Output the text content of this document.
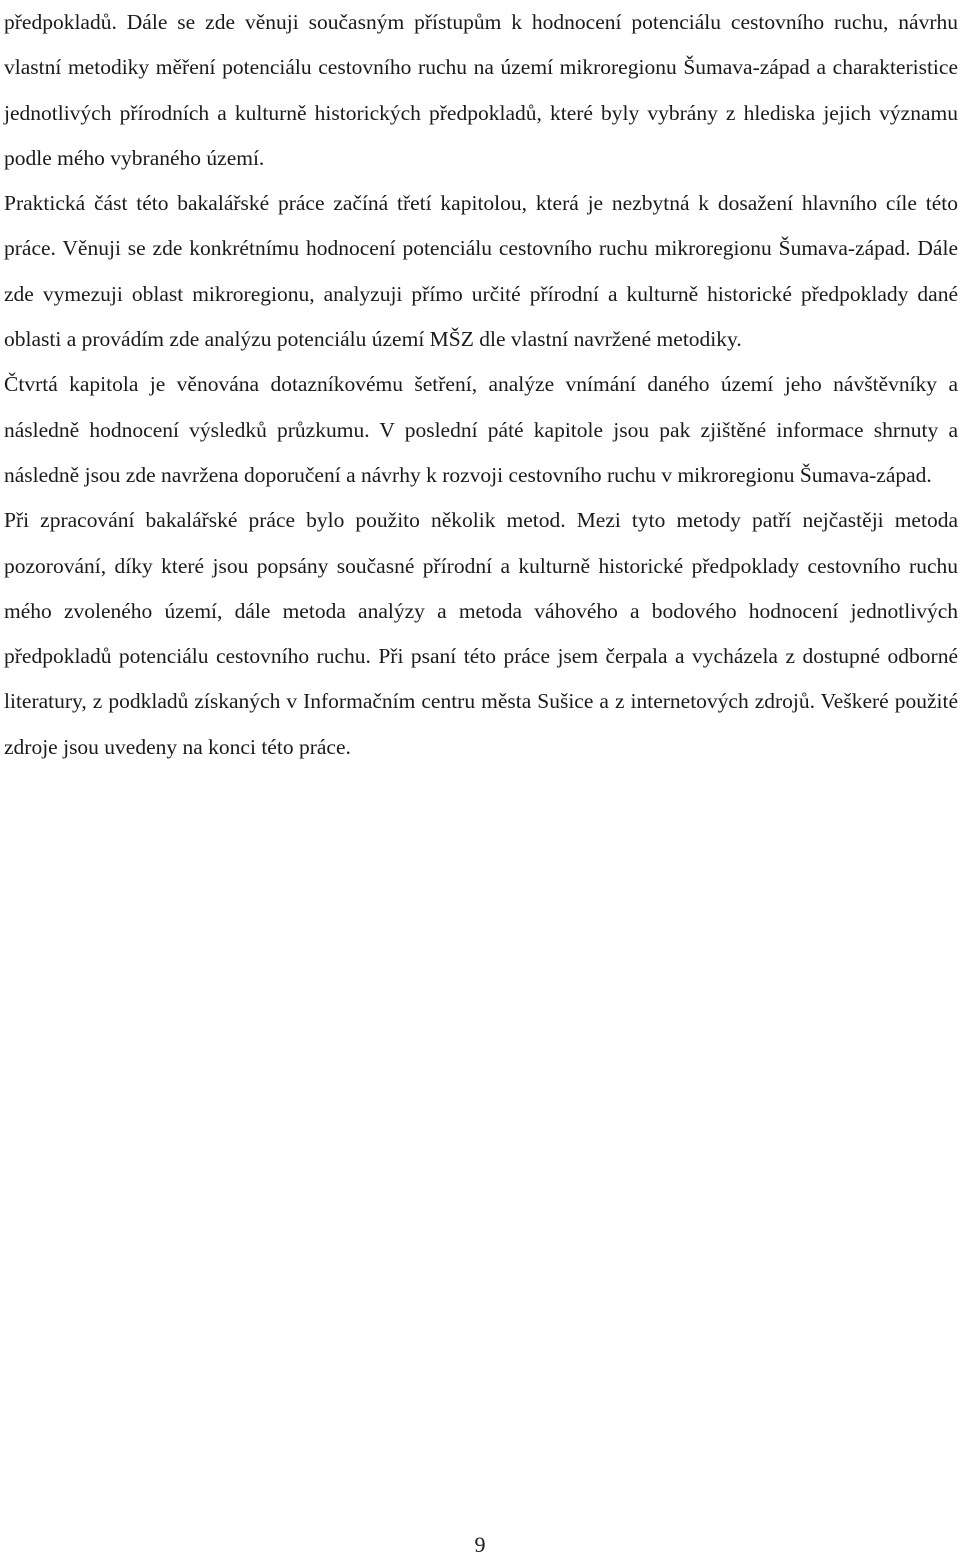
předpokladů. Dále se zde věnuji současným přístupům k hodnocení potenciálu cestovního ruchu, návrhu vlastní metodiky měření potenciálu cestovního ruchu na území mikroregionu Šumava-západ a charakteristice jednotlivých přírodních a kulturně historických předpokladů, které byly vybrány z hlediska jejich významu podle mého vybraného území.

Praktická část této bakalářské práce začíná třetí kapitolou, která je nezbytná k dosažení hlavního cíle této práce. Věnuji se zde konkrétnímu hodnocení potenciálu cestovního ruchu mikroregionu Šumava-západ. Dále zde vymezuji oblast mikroregionu, analyzuji přímo určité přírodní a kulturně historické předpoklady dané oblasti a provádím zde analýzu potenciálu území MŠZ dle vlastní navržené metodiky.

Čtvrtá kapitola je věnována dotazníkovému šetření, analýze vnímání daného území jeho návštěvníky a následně hodnocení výsledků průzkumu. V poslední páté kapitole jsou pak zjištěné informace shrnuty a následně jsou zde navržena doporučení a návrhy k rozvoji cestovního ruchu v mikroregionu Šumava-západ.

Při zpracování bakalářské práce bylo použito několik metod. Mezi tyto metody patří nejčastěji metoda pozorování, díky které jsou popsány současné přírodní a kulturně historické předpoklady cestovního ruchu mého zvoleného území, dále metoda analýzy a metoda váhového a bodového hodnocení jednotlivých předpokladů potenciálu cestovního ruchu. Při psaní této práce jsem čerpala a vycházela z dostupné odborné literatury, z podkladů získaných v Informačním centru města Sušice a z internetových zdrojů. Veškeré použité zdroje jsou uvedeny na konci této práce.

9
